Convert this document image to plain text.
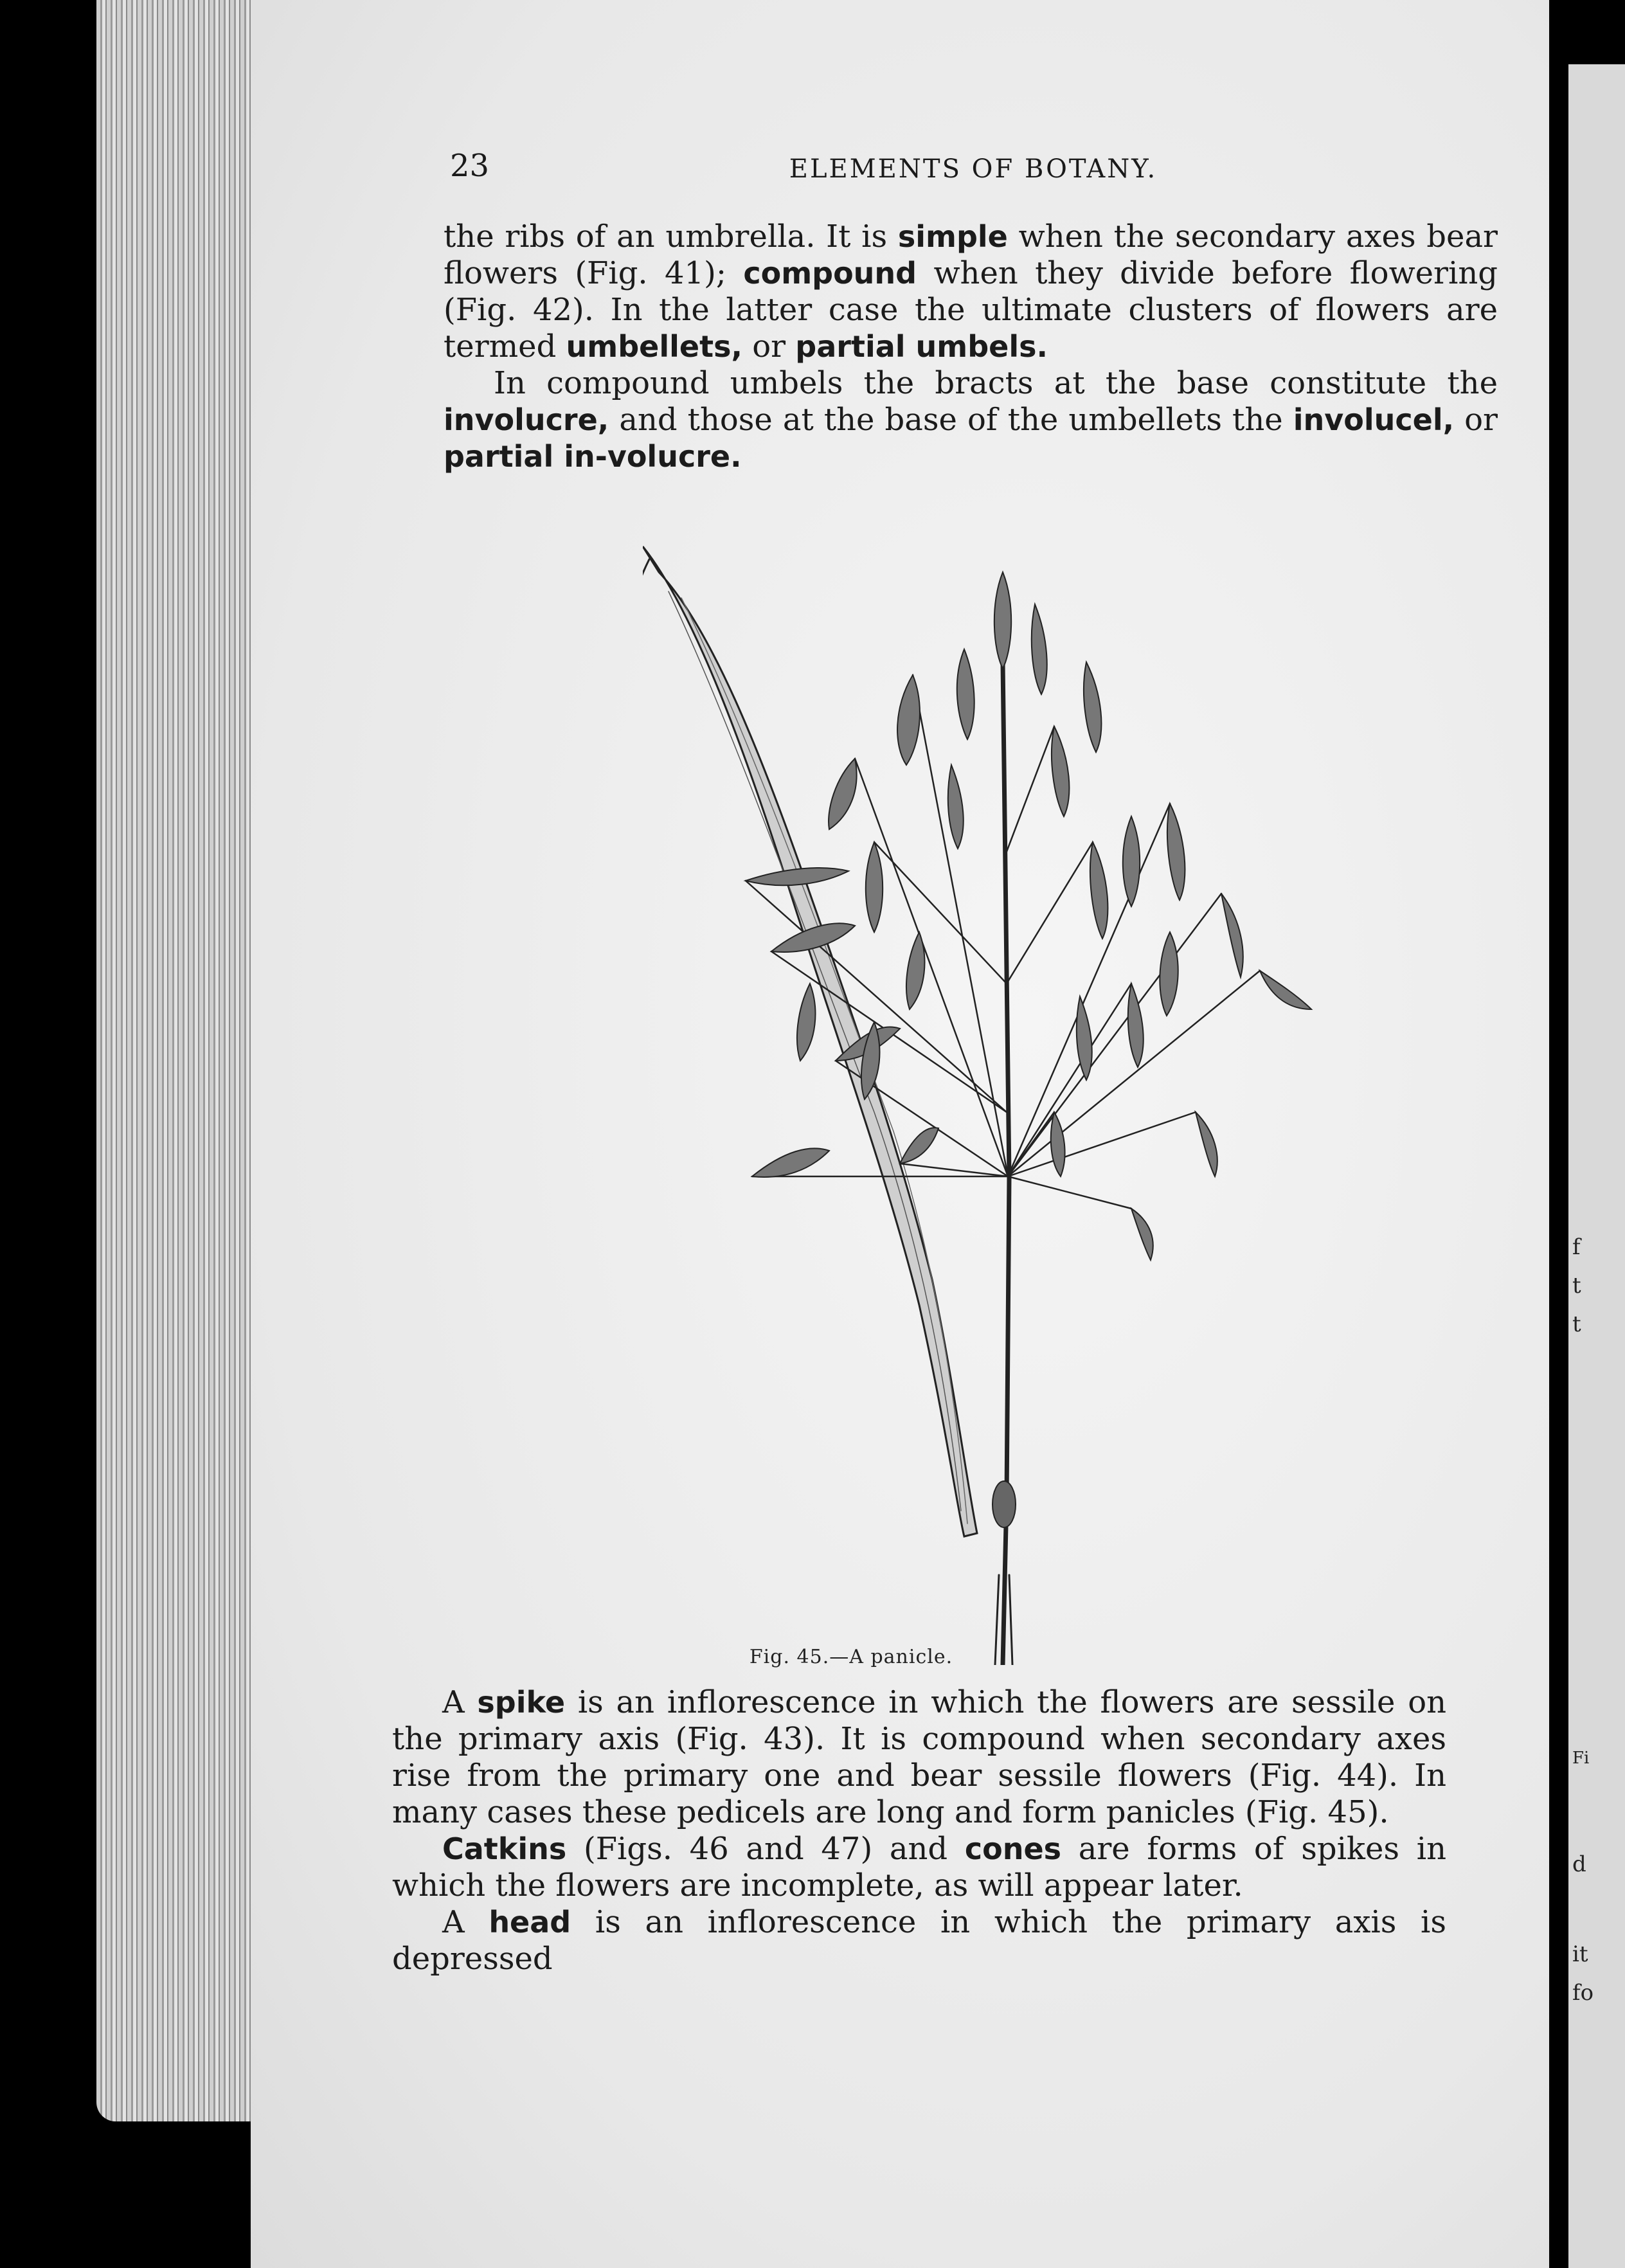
f
t
t
Fi
d
it
fo
23	ELEMENTS OF BOTANY.

the ribs of an umbrella. It is simple when the secondary axes bear flowers (Fig. 41); compound when they divide before flowering (Fig. 42). In the latter case the ultimate clusters of flowers are termed umbellets, or partial umbels.

In compound umbels the bracts at the base constitute the involucre, and those at the base of the umbellets the involucel, or partial in-volucre.

Fig. 45.—A panicle.

A spike is an inflorescence in which the flowers are sessile on the primary axis (Fig. 43). It is compound when secondary axes rise from the primary one and bear sessile flowers (Fig. 44). In many cases these pedicels are long and form panicles (Fig. 45).

Catkins (Figs. 46 and 47) and cones are forms of spikes in which the flowers are incomplete, as will appear later.

A head is an inflorescence in which the primary axis is depressed
